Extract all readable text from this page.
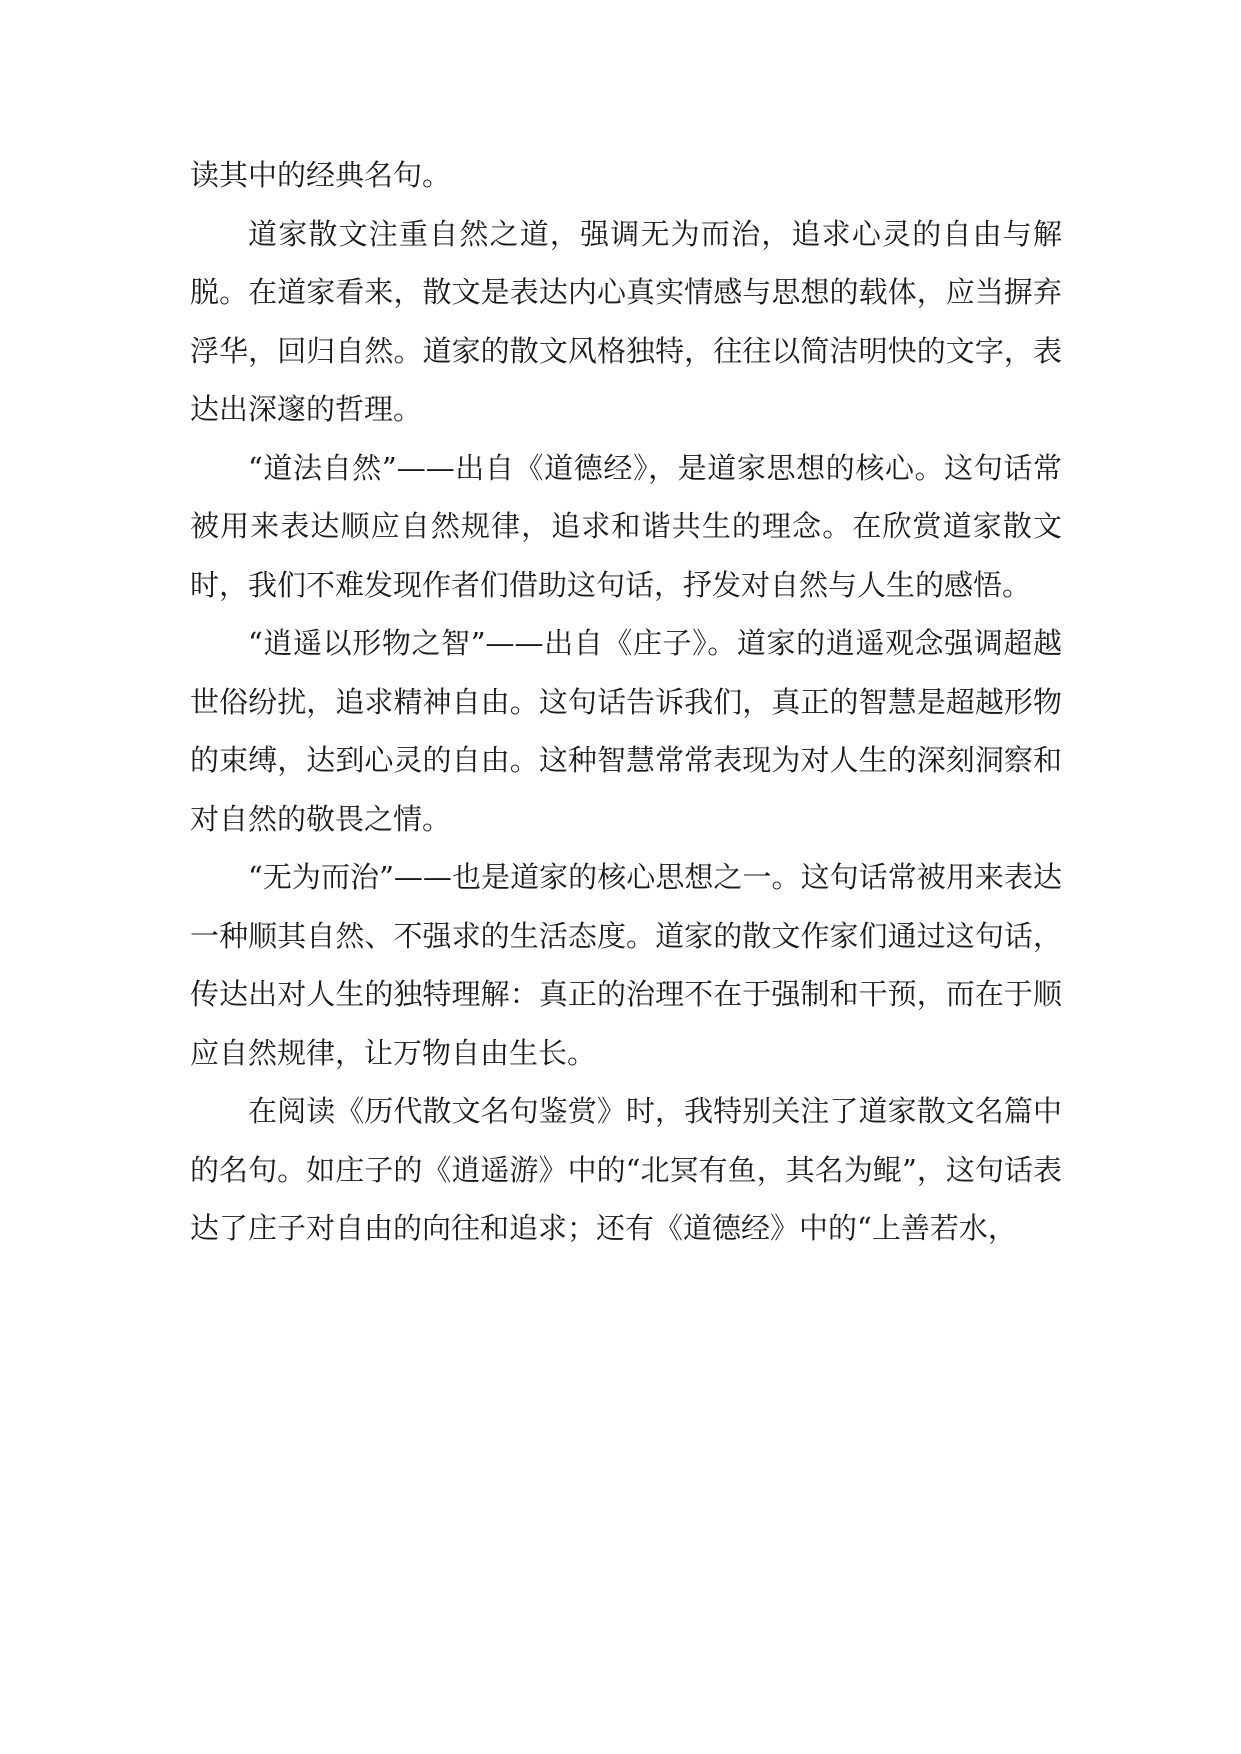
读其中的经典名句。

道家散文注重自然之道，强调无为而治，追求心灵的自由与解脱。在道家看来，散文是表达内心真实情感与思想的载体，应当摒弃浮华，回归自然。道家的散文风格独特，往往以简洁明快的文字，表达出深邃的哲理。

“道法自然”——出自《道德经》，是道家思想的核心。这句话常被用来表达顺应自然规律，追求和谐共生的理念。在欣赏道家散文时，我们不难发现作者们借助这句话，抒发对自然与人生的感悟。

“逍遥以形物之智”——出自《庄子》。道家的逍遥观念强调超越世俗纷扰，追求精神自由。这句话告诉我们，真正的智慧是超越形物的束缚，达到心灵的自由。这种智慧常常表现为对人生的深刻洞察和对自然的敬畏之情。

“无为而治”——也是道家的核心思想之一。这句话常被用来表达一种顺其自然、不强求的生活态度。道家的散文作家们通过这句话，传达出对人生的独特理解：真正的治理不在于强制和干预，而在于顺应自然规律，让万物自由生长。

在阅读《历代散文名句鉴赏》时，我特别关注了道家散文名篇中的名句。如庄子的《逍遥游》中的“北冥有鱼，其名为鲲”，这句话表达了庄子对自由的向往和追求；还有《道德经》中的“上善若水，
